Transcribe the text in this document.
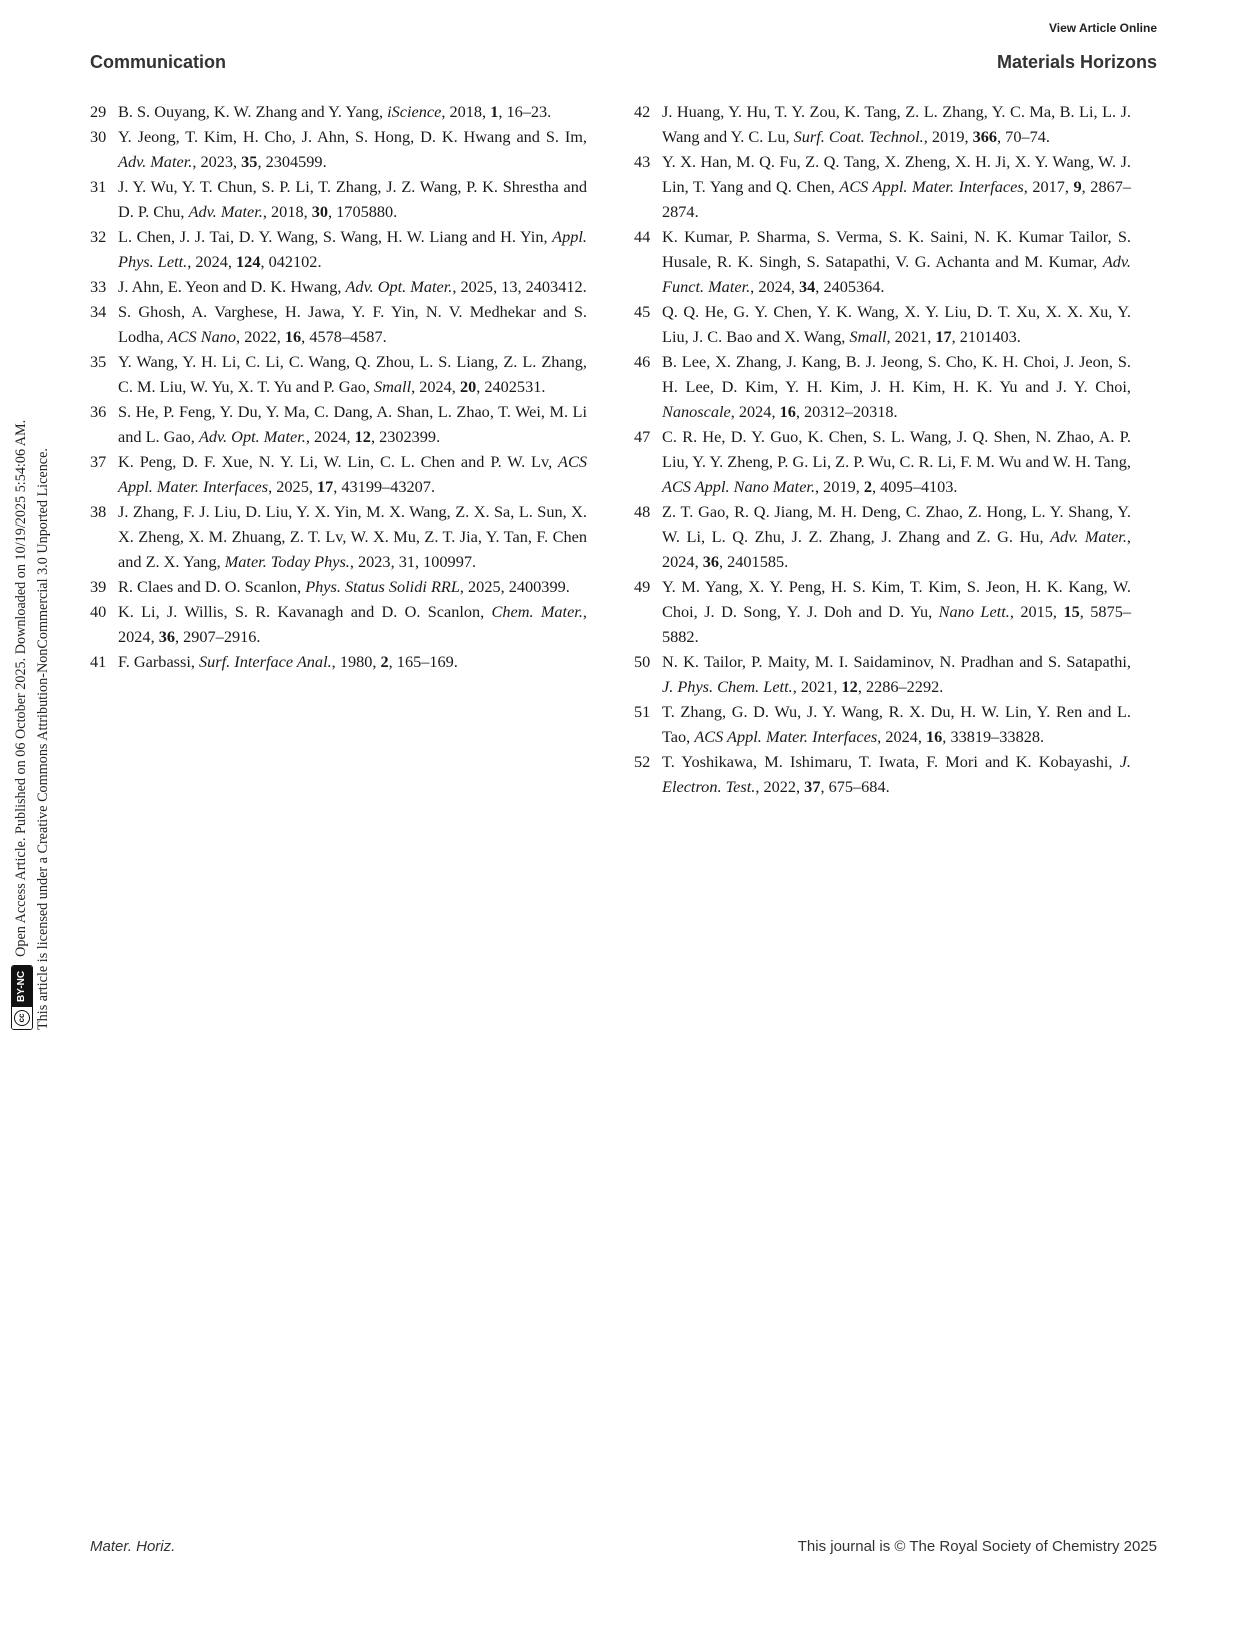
View Article Online
Communication	Materials Horizons
cc
BY-NC
Open Access Article. Published on 06 October 2025. Downloaded on 10/19/2025 5:54:06 AM. This article is licensed under a Creative Commons Attribution-NonCommercial 3.0 Unported Licence.
29 B. S. Ouyang, K. W. Zhang and Y. Yang, iScience, 2018, 1, 16–23.
30 Y. Jeong, T. Kim, H. Cho, J. Ahn, S. Hong, D. K. Hwang and S. Im, Adv. Mater., 2023, 35, 2304599.
31 J. Y. Wu, Y. T. Chun, S. P. Li, T. Zhang, J. Z. Wang, P. K. Shrestha and D. P. Chu, Adv. Mater., 2018, 30, 1705880.
32 L. Chen, J. J. Tai, D. Y. Wang, S. Wang, H. W. Liang and H. Yin, Appl. Phys. Lett., 2024, 124, 042102.
33 J. Ahn, E. Yeon and D. K. Hwang, Adv. Opt. Mater., 2025, 13, 2403412.
34 S. Ghosh, A. Varghese, H. Jawa, Y. F. Yin, N. V. Medhekar and S. Lodha, ACS Nano, 2022, 16, 4578–4587.
35 Y. Wang, Y. H. Li, C. Li, C. Wang, Q. Zhou, L. S. Liang, Z. L. Zhang, C. M. Liu, W. Yu, X. T. Yu and P. Gao, Small, 2024, 20, 2402531.
36 S. He, P. Feng, Y. Du, Y. Ma, C. Dang, A. Shan, L. Zhao, T. Wei, M. Li and L. Gao, Adv. Opt. Mater., 2024, 12, 2302399.
37 K. Peng, D. F. Xue, N. Y. Li, W. Lin, C. L. Chen and P. W. Lv, ACS Appl. Mater. Interfaces, 2025, 17, 43199–43207.
38 J. Zhang, F. J. Liu, D. Liu, Y. X. Yin, M. X. Wang, Z. X. Sa, L. Sun, X. X. Zheng, X. M. Zhuang, Z. T. Lv, W. X. Mu, Z. T. Jia, Y. Tan, F. Chen and Z. X. Yang, Mater. Today Phys., 2023, 31, 100997.
39 R. Claes and D. O. Scanlon, Phys. Status Solidi RRL, 2025, 2400399.
40 K. Li, J. Willis, S. R. Kavanagh and D. O. Scanlon, Chem. Mater., 2024, 36, 2907–2916.
41 F. Garbassi, Surf. Interface Anal., 1980, 2, 165–169.
42 J. Huang, Y. Hu, T. Y. Zou, K. Tang, Z. L. Zhang, Y. C. Ma, B. Li, L. J. Wang and Y. C. Lu, Surf. Coat. Technol., 2019, 366, 70–74.
43 Y. X. Han, M. Q. Fu, Z. Q. Tang, X. Zheng, X. H. Ji, X. Y. Wang, W. J. Lin, T. Yang and Q. Chen, ACS Appl. Mater. Interfaces, 2017, 9, 2867–2874.
44 K. Kumar, P. Sharma, S. Verma, S. K. Saini, N. K. Kumar Tailor, S. Husale, R. K. Singh, S. Satapathi, V. G. Achanta and M. Kumar, Adv. Funct. Mater., 2024, 34, 2405364.
45 Q. Q. He, G. Y. Chen, Y. K. Wang, X. Y. Liu, D. T. Xu, X. X. Xu, Y. Liu, J. C. Bao and X. Wang, Small, 2021, 17, 2101403.
46 B. Lee, X. Zhang, J. Kang, B. J. Jeong, S. Cho, K. H. Choi, J. Jeon, S. H. Lee, D. Kim, Y. H. Kim, J. H. Kim, H. K. Yu and J. Y. Choi, Nanoscale, 2024, 16, 20312–20318.
47 C. R. He, D. Y. Guo, K. Chen, S. L. Wang, J. Q. Shen, N. Zhao, A. P. Liu, Y. Y. Zheng, P. G. Li, Z. P. Wu, C. R. Li, F. M. Wu and W. H. Tang, ACS Appl. Nano Mater., 2019, 2, 4095–4103.
48 Z. T. Gao, R. Q. Jiang, M. H. Deng, C. Zhao, Z. Hong, L. Y. Shang, Y. W. Li, L. Q. Zhu, J. Z. Zhang, J. Zhang and Z. G. Hu, Adv. Mater., 2024, 36, 2401585.
49 Y. M. Yang, X. Y. Peng, H. S. Kim, T. Kim, S. Jeon, H. K. Kang, W. Choi, J. D. Song, Y. J. Doh and D. Yu, Nano Lett., 2015, 15, 5875–5882.
50 N. K. Tailor, P. Maity, M. I. Saidaminov, N. Pradhan and S. Satapathi, J. Phys. Chem. Lett., 2021, 12, 2286–2292.
51 T. Zhang, G. D. Wu, J. Y. Wang, R. X. Du, H. W. Lin, Y. Ren and L. Tao, ACS Appl. Mater. Interfaces, 2024, 16, 33819–33828.
52 T. Yoshikawa, M. Ishimaru, T. Iwata, F. Mori and K. Kobayashi, J. Electron. Test., 2022, 37, 675–684.
Mater. Horiz.	This journal is © The Royal Society of Chemistry 2025
